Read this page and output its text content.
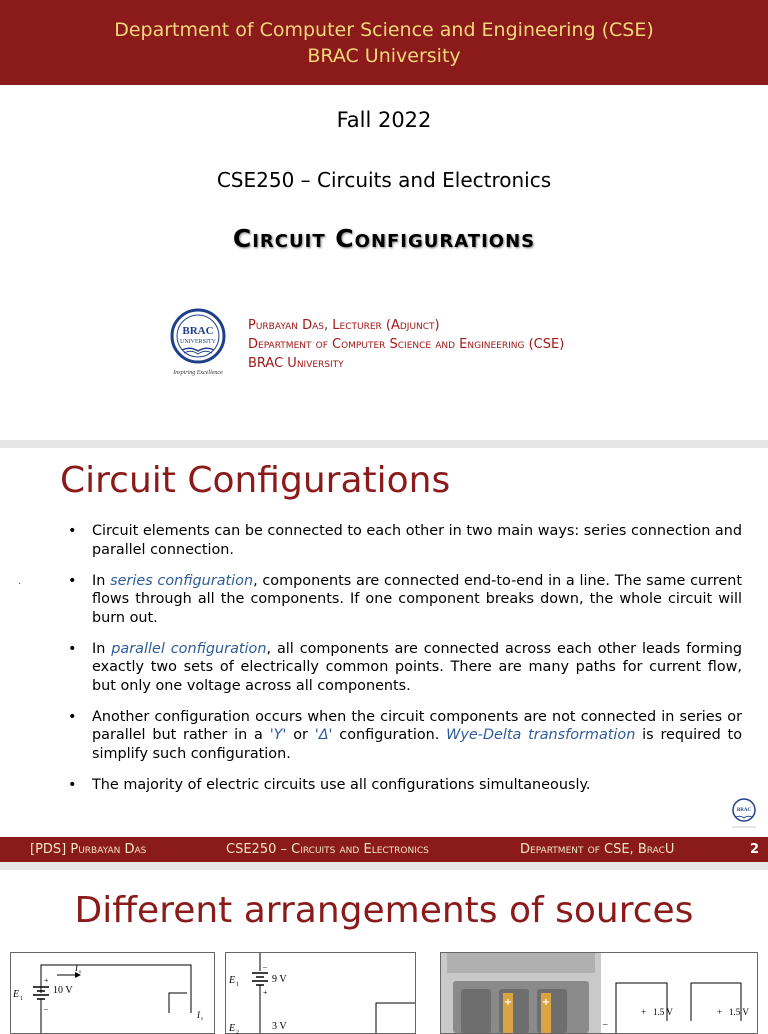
Department of Computer Science and Engineering (CSE)
BRAC University
Fall 2022
CSE250 – Circuits and Electronics
Circuit Configurations
BRAC
UNIVERSITY
Inspiring Excellence
Purbayan Das, Lecturer (Adjunct)
Department of Computer Science and Engineering (CSE)
BRAC University
Circuit Configurations
.
• Circuit elements can be connected to each other in two main ways: series connection and parallel connection.
• In series configuration, components are connected end-to-end in a line. The same current flows through all the components. If one component breaks down, the whole circuit will burn out.
• In parallel configuration, all components are connected across each other leads forming exactly two sets of electrically common points. There are many paths for current flow, but only one voltage across all components.
• Another configuration occurs when the circuit components are not connected in series or parallel but rather in a 'Y' or 'Δ' configuration. Wye-Delta transformation is required to simplify such configuration.
• The majority of electric circuits use all configurations simultaneously.
BRAC
[PDS] Purbayan Das	CSE250 – Circuits and Electronics	Department of CSE, BracU	2
Different arrangements of sources
E 1
10 V
I s
I s
+
–
E 1	9 V
–
+
E 2
3 V
+	+
–
+ 1.5 V	+ 1.5 V
